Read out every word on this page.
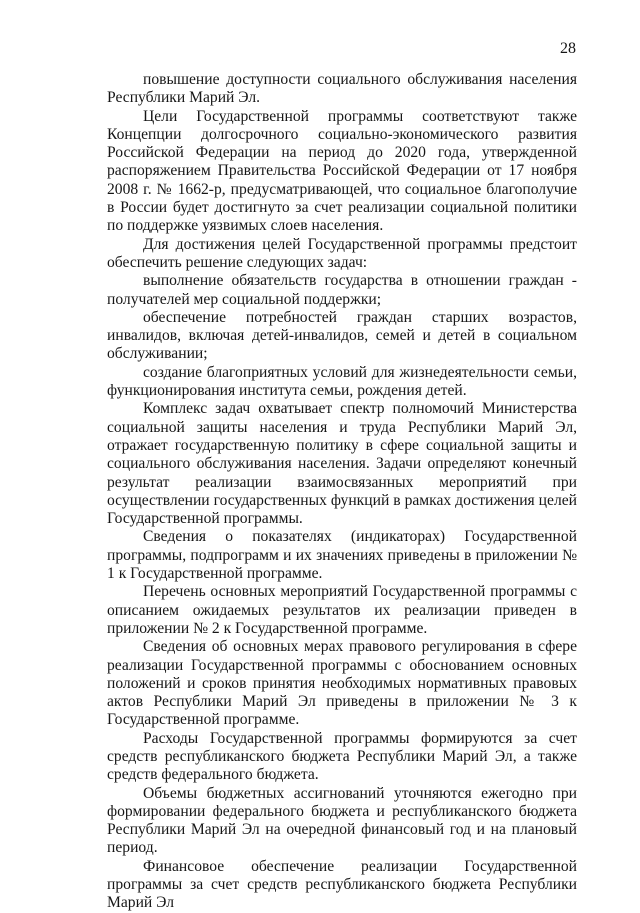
28

повышение доступности социального обслуживания населения Республики Марий Эл.

Цели Государственной программы соответствуют также Концепции долгосрочного социально-экономического развития Российской Федерации на период до 2020 года, утвержденной распоряжением Правительства Российской Федерации от 17 ноября 2008 г. № 1662-р, предусматривающей, что социальное благополучие в России будет достигнуто за счет реализации социальной политики по поддержке уязвимых слоев населения.

Для достижения целей Государственной программы предстоит обеспечить решение следующих задач:

выполнение обязательств государства в отношении граждан - получателей мер социальной поддержки;

обеспечение потребностей граждан старших возрастов, инвалидов, включая детей-инвалидов, семей и детей в социальном обслуживании;

создание благоприятных условий для жизнедеятельности семьи, функционирования института семьи, рождения детей.

Комплекс задач охватывает спектр полномочий Министерства социальной защиты населения и труда Республики Марий Эл, отражает государственную политику в сфере социальной защиты и социального обслуживания населения. Задачи определяют конечный результат реализации взаимосвязанных мероприятий при осуществлении государственных функций в рамках достижения целей Государственной программы.

Сведения о показателях (индикаторах) Государственной программы, подпрограмм и их значениях приведены в приложении № 1 к Государственной программе.

Перечень основных мероприятий Государственной программы с описанием ожидаемых результатов их реализации приведен в приложении № 2 к Государственной программе.

Сведения об основных мерах правового регулирования в сфере реализации Государственной программы с обоснованием основных положений и сроков принятия необходимых нормативных правовых актов Республики Марий Эл приведены в приложении № 3 к Государственной программе.

Расходы Государственной программы формируются за счет средств республиканского бюджета Республики Марий Эл, а также средств федерального бюджета.

Объемы бюджетных ассигнований уточняются ежегодно при формировании федерального бюджета и республиканского бюджета Республики Марий Эл на очередной финансовый год и на плановый период.

Финансовое обеспечение реализации Государственной программы за счет средств республиканского бюджета Республики Марий Эл
